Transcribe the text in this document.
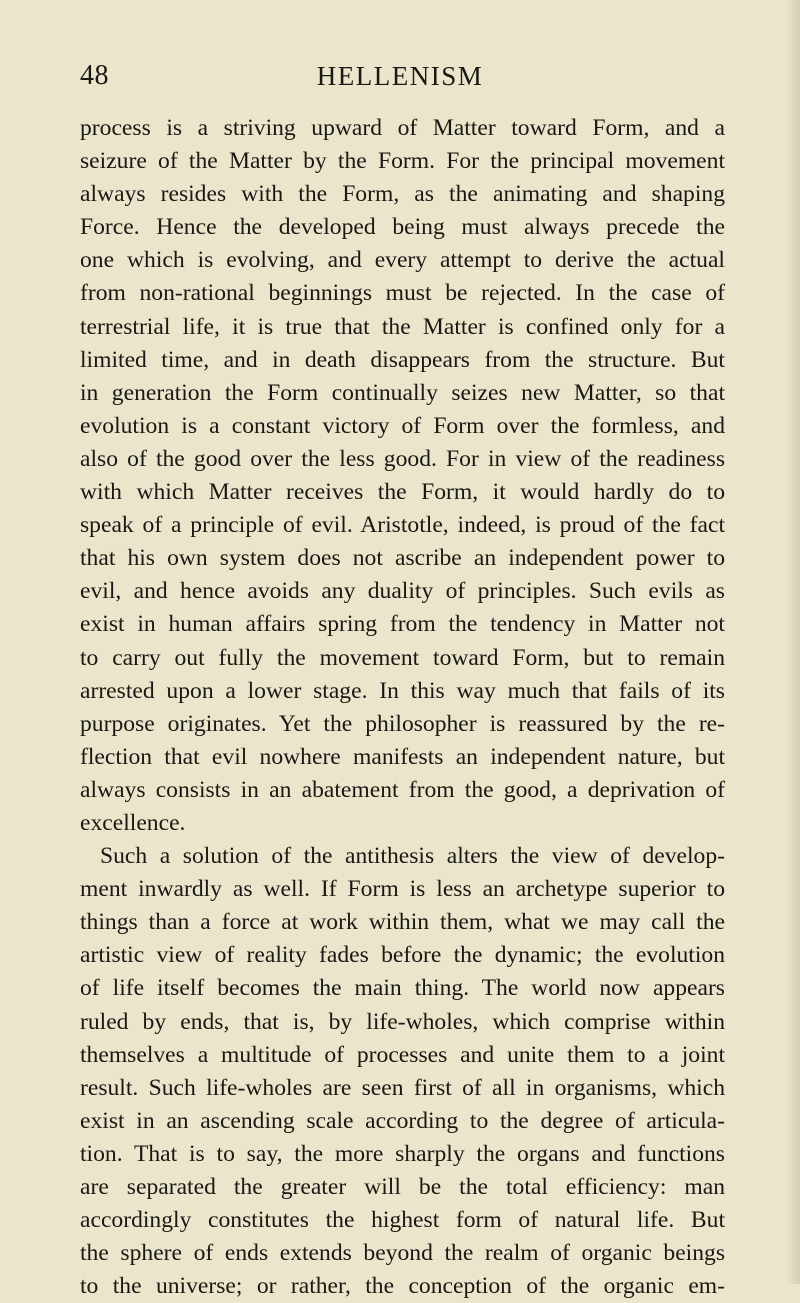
48	HELLENISM
process is a striving upward of Matter toward Form, and a
seizure of the Matter by the Form. For the principal movement
always resides with the Form, as the animating and shaping
Force. Hence the developed being must always precede the
one which is evolving, and every attempt to derive the actual
from non-rational beginnings must be rejected. In the case of
terrestrial life, it is true that the Matter is confined only for a
limited time, and in death disappears from the structure. But
in generation the Form continually seizes new Matter, so that
evolution is a constant victory of Form over the formless, and
also of the good over the less good. For in view of the readiness
with which Matter receives the Form, it would hardly do to
speak of a principle of evil. Aristotle, indeed, is proud of the fact
that his own system does not ascribe an independent power to
evil, and hence avoids any duality of principles. Such evils as
exist in human affairs spring from the tendency in Matter not
to carry out fully the movement toward Form, but to remain
arrested upon a lower stage. In this way much that fails of its
purpose originates. Yet the philosopher is reassured by the re-
flection that evil nowhere manifests an independent nature, but
always consists in an abatement from the good, a deprivation of
excellence.
Such a solution of the antithesis alters the view of develop-
ment inwardly as well. If Form is less an archetype superior to
things than a force at work within them, what we may call the
artistic view of reality fades before the dynamic; the evolution
of life itself becomes the main thing. The world now appears
ruled by ends, that is, by life-wholes, which comprise within
themselves a multitude of processes and unite them to a joint
result. Such life-wholes are seen first of all in organisms, which
exist in an ascending scale according to the degree of articula-
tion. That is to say, the more sharply the organs and functions
are separated the greater will be the total efficiency: man
accordingly constitutes the highest form of natural life. But
the sphere of ends extends beyond the realm of organic beings
to the universe; or rather, the conception of the organic em-
